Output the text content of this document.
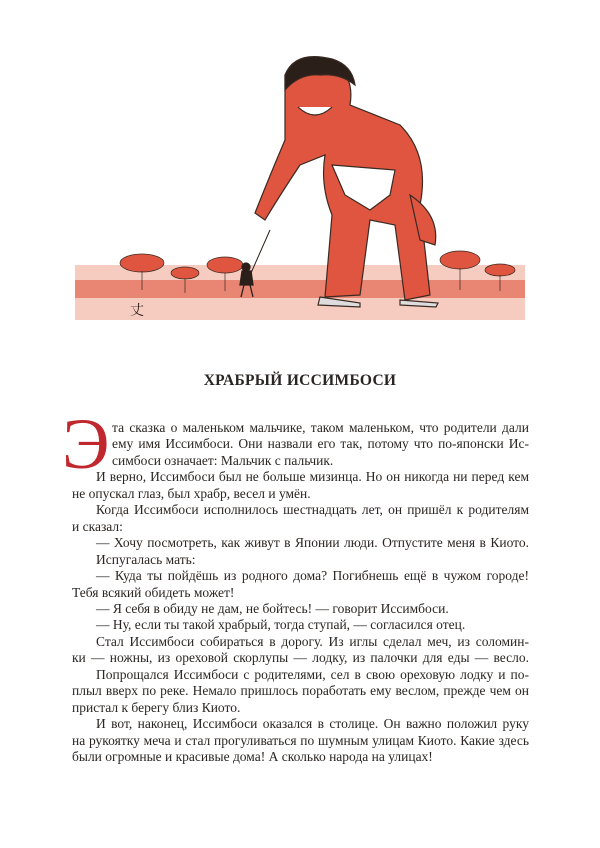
丈
ХРАБРЫЙ ИССИМБОСИ
Э та сказка о маленьком мальчике, таком маленьком, что родители дали
ему имя Иссимбоси. Они назвали его так, потому что по-японски Ис-
симбоси означает: Мальчик с пальчик.
И верно, Иссимбоси был не больше мизинца. Но он никогда ни перед кем
не опускал глаз, был храбр, весел и умён.
Когда Иссимбоси исполнилось шестнадцать лет, он пришёл к родителям
и сказал:
— Хочу посмотреть, как живут в Японии люди. Отпустите меня в Киото.
Испугалась мать:
— Куда ты пойдёшь из родного дома? Погибнешь ещё в чужом городе!
Тебя всякий обидеть может!
— Я себя в обиду не дам, не бойтесь! — говорит Иссимбоси.
— Ну, если ты такой храбрый, тогда ступай, — согласился отец.
Стал Иссимбоси собираться в дорогу. Из иглы сделал меч, из соломин-
ки — ножны, из ореховой скорлупы — лодку, из палочки для еды — весло.
Попрощался Иссимбоси с родителями, сел в свою ореховую лодку и по-
плыл вверх по реке. Немало пришлось поработать ему веслом, прежде чем он
пристал к берегу близ Киото.
И вот, наконец, Иссимбоси оказался в столице. Он важно положил руку
на рукоятку меча и стал прогуливаться по шумным улицам Киото. Какие здесь
были огромные и красивые дома! А сколько народа на улицах!
